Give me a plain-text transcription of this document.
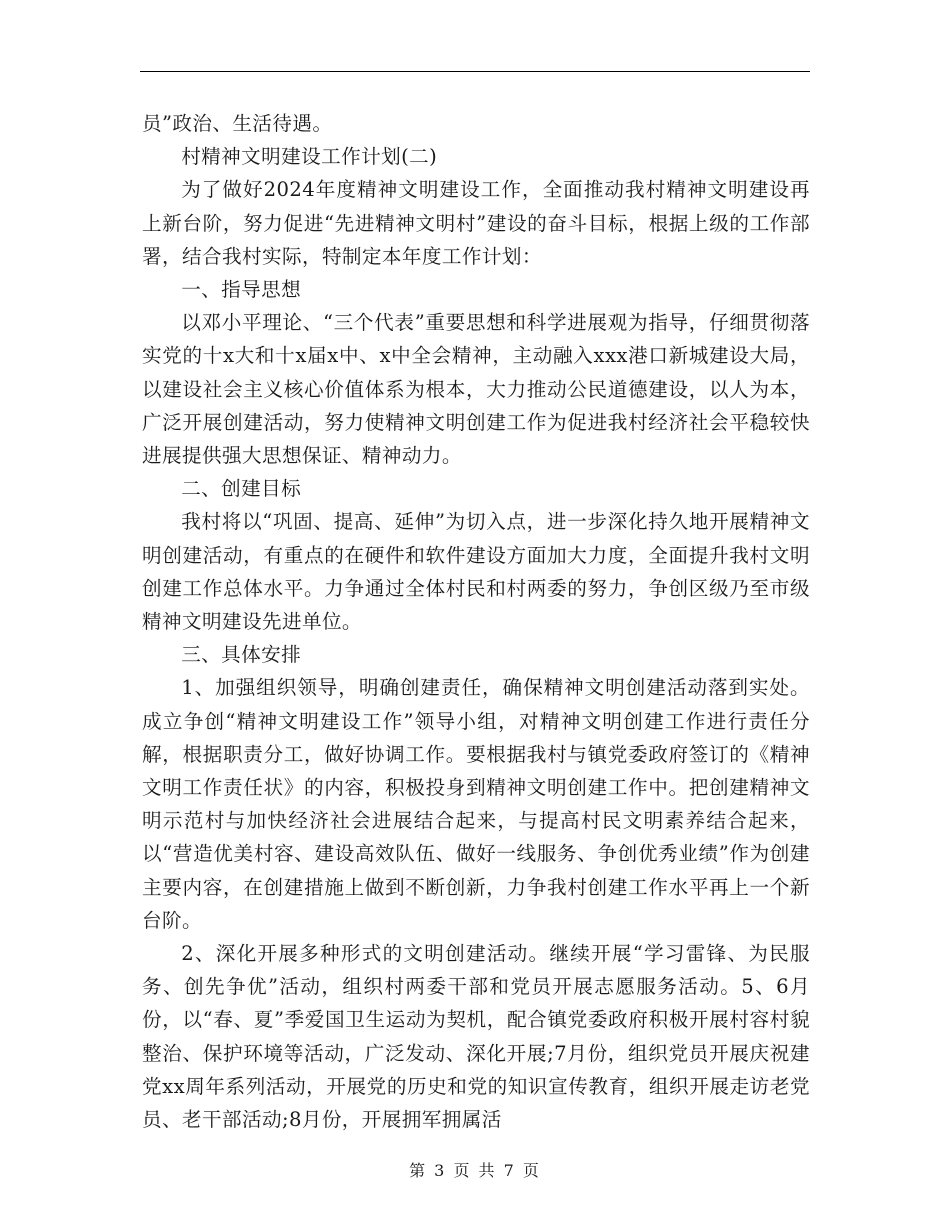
员”政治、生活待遇。

村精神文明建设工作计划(二)

为了做好2024年度精神文明建设工作，全面推动我村精神文明建设再上新台阶，努力促进“先进精神文明村”建设的奋斗目标，根据上级的工作部署，结合我村实际，特制定本年度工作计划：

一、指导思想

以邓小平理论、“三个代表”重要思想和科学进展观为指导，仔细贯彻落实党的十x大和十x届x中、x中全会精神，主动融入xxx港口新城建设大局，以建设社会主义核心价值体系为根本，大力推动公民道德建设，以人为本，广泛开展创建活动，努力使精神文明创建工作为促进我村经济社会平稳较快进展提供强大思想保证、精神动力。

二、创建目标

我村将以“巩固、提高、延伸”为切入点，进一步深化持久地开展精神文明创建活动，有重点的在硬件和软件建设方面加大力度，全面提升我村文明创建工作总体水平。力争通过全体村民和村两委的努力，争创区级乃至市级精神文明建设先进单位。

三、具体安排

1、加强组织领导，明确创建责任，确保精神文明创建活动落到实处。成立争创“精神文明建设工作”领导小组，对精神文明创建工作进行责任分解，根据职责分工，做好协调工作。要根据我村与镇党委政府签订的《精神文明工作责任状》的内容，积极投身到精神文明创建工作中。把创建精神文明示范村与加快经济社会进展结合起来，与提高村民文明素养结合起来，以“营造优美村容、建设高效队伍、做好一线服务、争创优秀业绩”作为创建主要内容，在创建措施上做到不断创新，力争我村创建工作水平再上一个新台阶。

2、深化开展多种形式的文明创建活动。继续开展“学习雷锋、为民服务、创先争优”活动，组织村两委干部和党员开展志愿服务活动。5、6月份，以“春、夏”季爱国卫生运动为契机，配合镇党委政府积极开展村容村貌整治、保护环境等活动，广泛发动、深化开展;7月份，组织党员开展庆祝建党xx周年系列活动，开展党的历史和党的知识宣传教育，组织开展走访老党员、老干部活动;8月份，开展拥军拥属活

第 3 页 共 7 页
